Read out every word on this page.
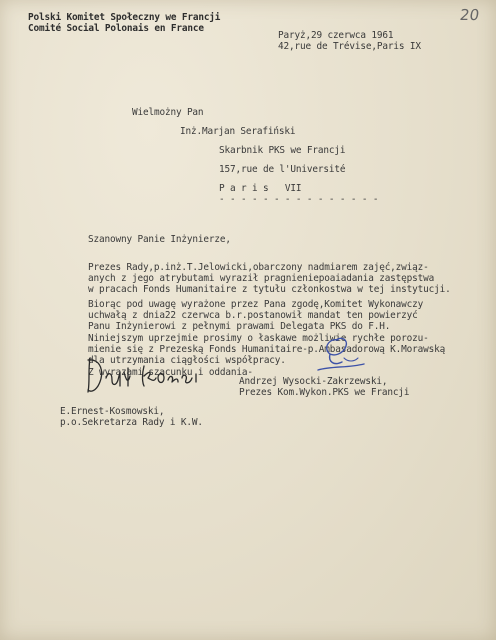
20
Polski Komitet Społeczny we Francji
Comité Social Polonais en France
Paryż,29 czerwca 1961
42,rue de Trévise,Paris IX
Wielmożny Pan
Inż.Marjan Serafiński
Skarbnik PKS we Francji
157,rue de l'Université
P a r i s   VII
- - - - - - - - - - - - - - -
Szanowny Panie Inżynierze,
Prezes Rady,p.inż.T.Jelowicki,obarczony nadmiarem zajęć,związ-
anych z jego atrybutami wyraził pragnieniepoaiadania zastępstwa
w pracach Fonds Humanitaire z tytułu członkostwa w tej instytucji.
Biorąc pod uwagę wyrażone przez Pana zgodę,Komitet Wykonawczy
uchwałą z dnia22 czerwca b.r.postanowił mandat ten powierzyć
Panu Inżynierowi z pełnymi prawami Delegata PKS do F.H.
Niniejszym uprzejmie prosimy o łaskawe możliwie rychłe porozu-
mienie się z Prezeską Fonds Humanitaire-p.Ambasadorową K.Morawską
dla utrzymania ciągłości współpracy.
Z wyrazami szacunku i oddania-
Andrzej Wysocki-Zakrzewski,
Prezes Kom.Wykon.PKS we Francji
E.Ernest-Kosmowski,
p.o.Sekretarza Rady i K.W.
